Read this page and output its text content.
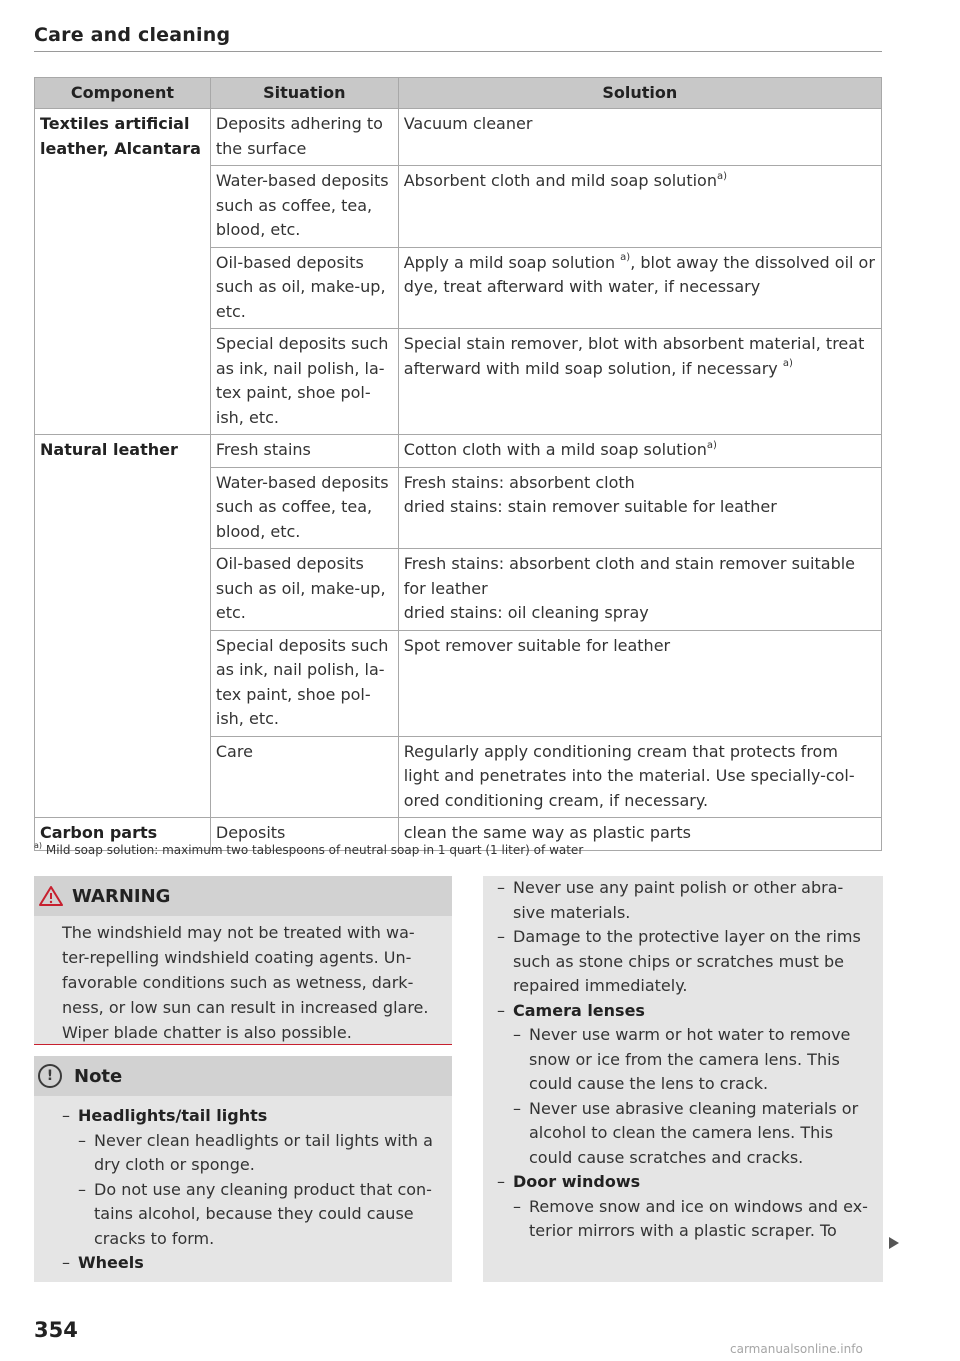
Care and cleaning
Component	Situation	Solution
Textiles artificial leather, Alcantara	Deposits adhering to the surface	Vacuum cleaner
	Water-based deposits such as coffee, tea, blood, etc.	Absorbent cloth and mild soap solution$^{a)}$
	Oil-based deposits such as oil, make-up, etc.	Apply a mild soap solution $^{a)}$, blot away the dissolved oil or dye, treat afterward with water, if necessary
	Special deposits such as ink, nail polish, la-tex paint, shoe pol-ish, etc.	Special stain remover, blot with absorbent material, treat afterward with mild soap solution, if necessary $^{a)}$
Natural leather	Fresh stains	Cotton cloth with a mild soap solution$^{a)}$
	Water-based deposits such as coffee, tea, blood, etc.	Fresh stains: absorbent cloth
dried stains: stain remover suitable for leather

	Oil-based deposits such as oil, make-up, etc.	Fresh stains: absorbent cloth and stain remover suitable for leather
dried stains: oil cleaning spray

	Special deposits such as ink, nail polish, la-tex paint, shoe pol-ish, etc.	Spot remover suitable for leather
	Care	Regularly apply conditioning cream that protects from light and penetrates into the material. Use specially-col-ored conditioning cream, if necessary.
Carbon parts	Deposits	clean the same way as plastic parts
$^{a)}$ Mild soap solution: maximum two tablespoons of neutral soap in 1 quart (1 liter) of water
WARNING
The windshield may not be treated with wa-ter-repelling windshield coating agents. Un-favorable conditions such as wetness, dark-ness, or low sun can result in increased glare. Wiper blade chatter is also possible.
!	Note
– Headlights/tail lights
– Never clean headlights or tail lights with a dry cloth or sponge.
– Do not use any cleaning product that con-tains alcohol, because they could cause cracks to form.
– Wheels
– Never use any paint polish or other abra-sive materials.
– Damage to the protective layer on the rims such as stone chips or scratches must be repaired immediately.
– Camera lenses
– Never use warm or hot water to remove snow or ice from the camera lens. This could cause the lens to crack.
– Never use abrasive cleaning materials or alcohol to clean the camera lens. This could cause scratches and cracks.
– Door windows
– Remove snow and ice on windows and ex-terior mirrors with a plastic scraper. To
354
carmanualsonline.info
